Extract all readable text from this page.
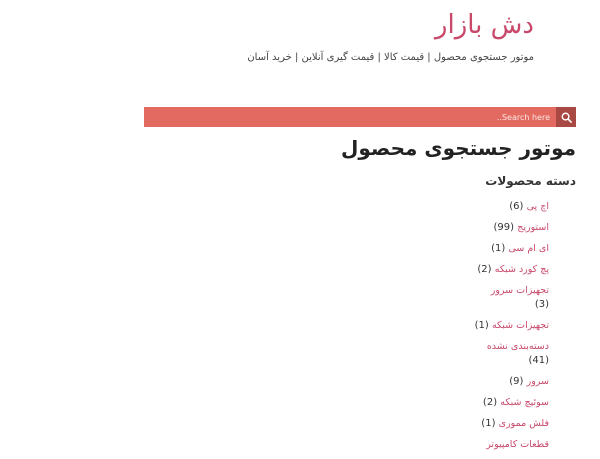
دش بازار
موتور جستجوی محصول | قیمت کالا | قیمت گیری آنلاین | خرید آسان
Search here..
موتور جستجوی محصول
دسته محصولات
اچ پی (6)
استوریج (99)
ای ام سی (1)
پچ کورد شبکه (2)
تجهیزات سرور
(3)
تجهیزات شبکه (1)
دسته‌بندی نشده
(41)
سرور (9)
سوئیچ شبکه (2)
فلش مموری (1)
قطعات کامپیوتر
